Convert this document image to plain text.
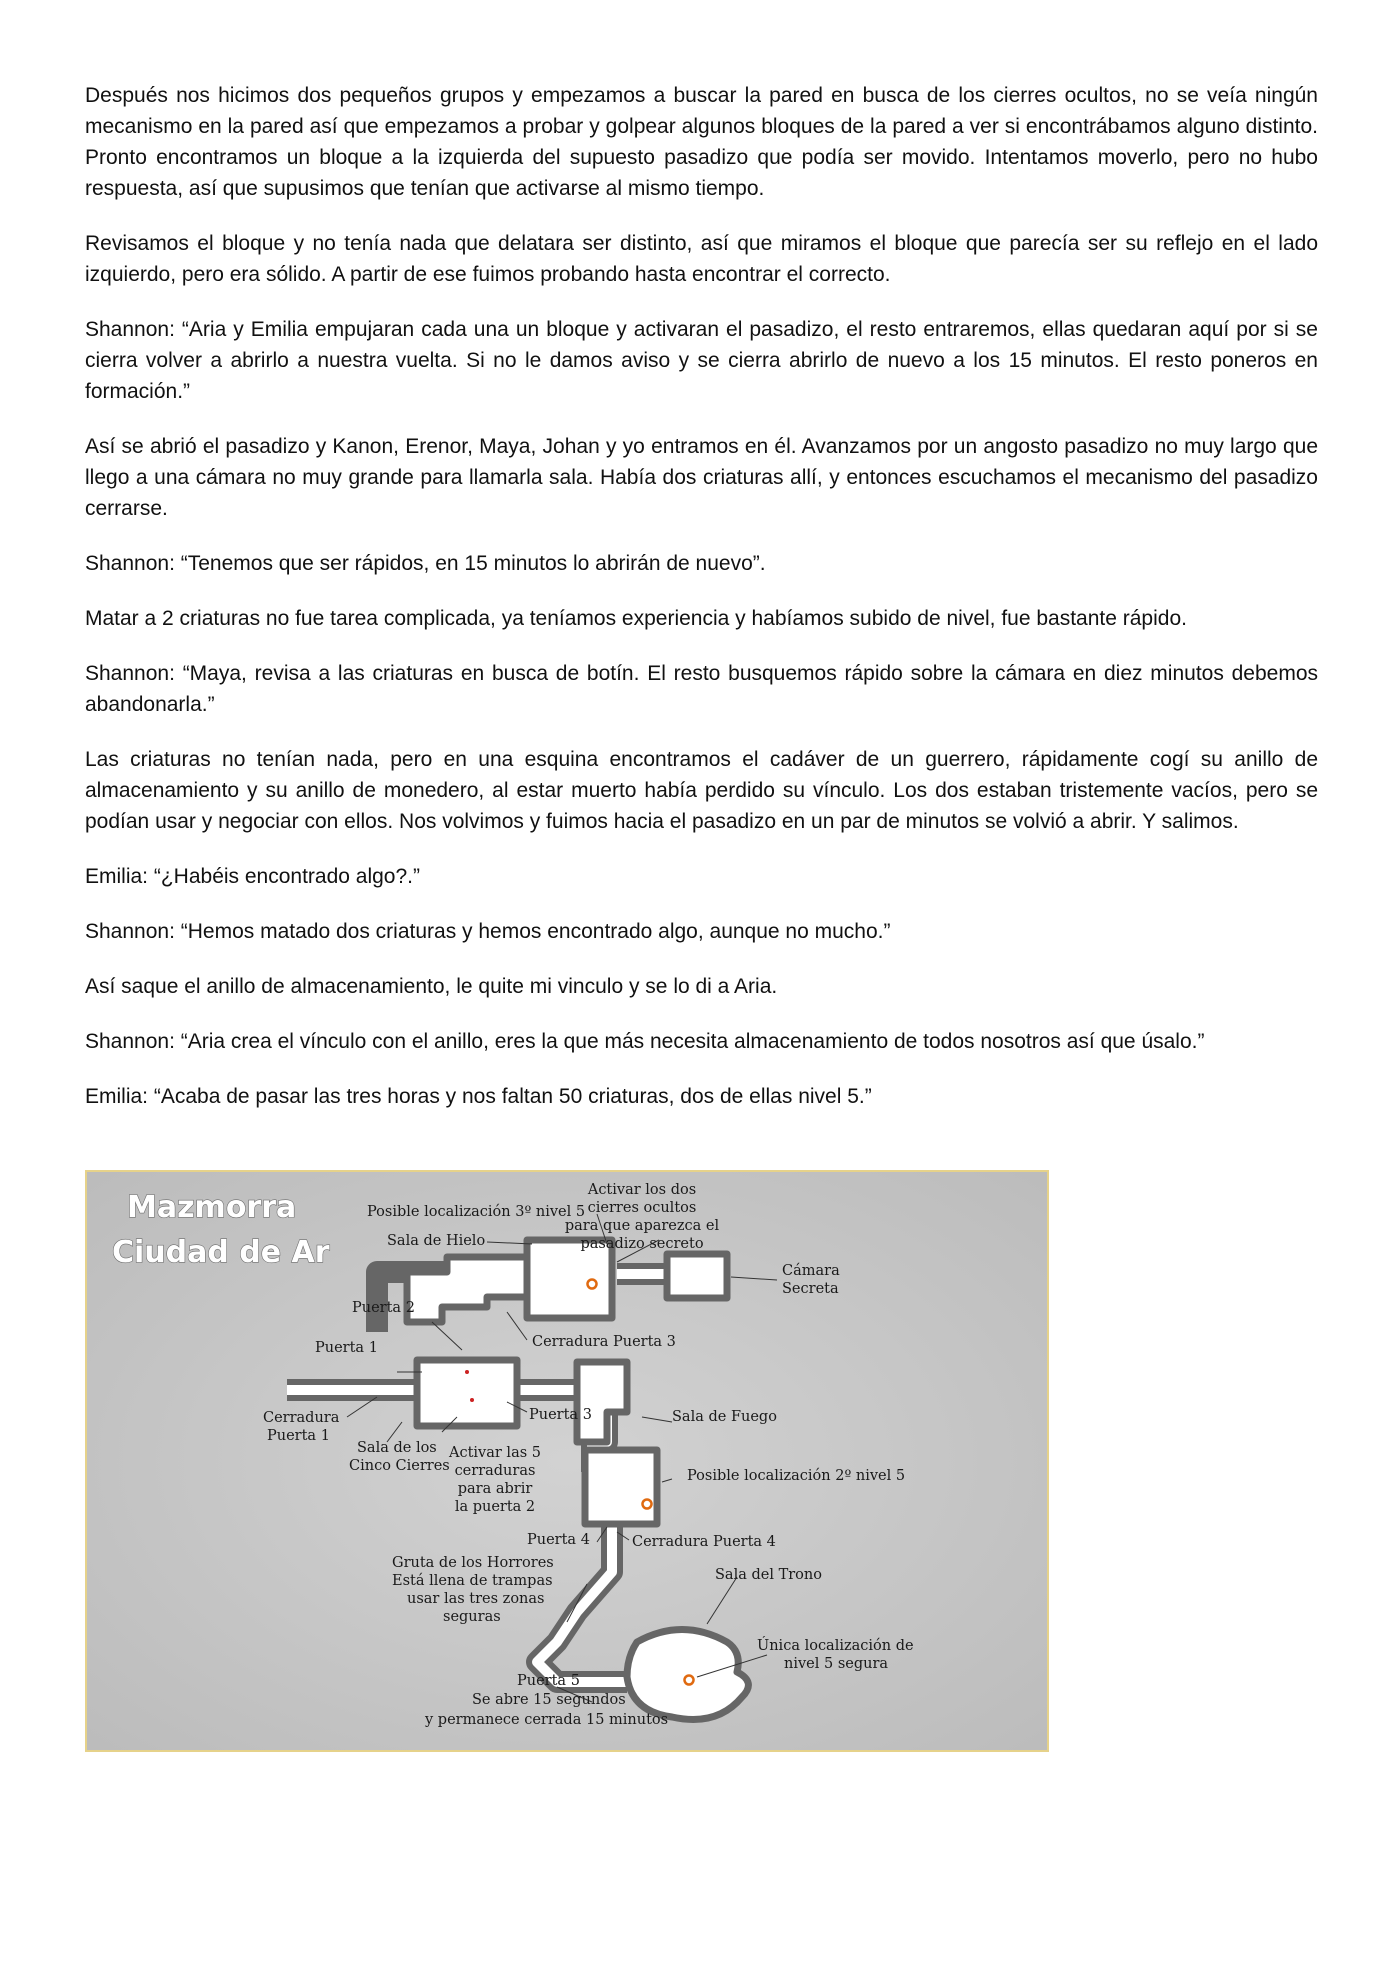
Después nos hicimos dos pequeños grupos y empezamos a buscar la pared en busca de los cierres ocultos, no se veía ningún mecanismo en la pared así que empezamos a probar y golpear algunos bloques de la pared a ver si encontrábamos alguno distinto. Pronto encontramos un bloque a la izquierda del supuesto pasadizo que podía ser movido. Intentamos moverlo, pero no hubo respuesta, así que supusimos que tenían que activarse al mismo tiempo.

Revisamos el bloque y no tenía nada que delatara ser distinto, así que miramos el bloque que parecía ser su reflejo en el lado izquierdo, pero era sólido. A partir de ese fuimos probando hasta encontrar el correcto.

Shannon: “Aria y Emilia empujaran cada una un bloque y activaran el pasadizo, el resto entraremos, ellas quedaran aquí por si se cierra volver a abrirlo a nuestra vuelta. Si no le damos aviso y se cierra abrirlo de nuevo a los 15 minutos. El resto poneros en formación.”

Así se abrió el pasadizo y Kanon, Erenor, Maya, Johan y yo entramos en él. Avanzamos por un angosto pasadizo no muy largo que llego a una cámara no muy grande para llamarla sala. Había dos criaturas allí, y entonces escuchamos el mecanismo del pasadizo cerrarse.

Shannon: “Tenemos que ser rápidos, en 15 minutos lo abrirán de nuevo”.

Matar a 2 criaturas no fue tarea complicada, ya teníamos experiencia y habíamos subido de nivel, fue bastante rápido.

Shannon: “Maya, revisa a las criaturas en busca de botín. El resto busquemos rápido sobre la cámara en diez minutos debemos abandonarla.”

Las criaturas no tenían nada, pero en una esquina encontramos el cadáver de un guerrero, rápidamente cogí su anillo de almacenamiento y su anillo de monedero, al estar muerto había perdido su vínculo. Los dos estaban tristemente vacíos, pero se podían usar y negociar con ellos. Nos volvimos y fuimos hacia el pasadizo en un par de minutos se volvió a abrir. Y salimos.

Emilia: “¿Habéis encontrado algo?.”

Shannon: “Hemos matado dos criaturas y hemos encontrado algo, aunque no mucho.”

Así saque el anillo de almacenamiento, le quite mi vinculo y se lo di a Aria.

Shannon: “Aria crea el vínculo con el anillo, eres la que más necesita almacenamiento de todos nosotros así que úsalo.”

Emilia: “Acaba de pasar las tres horas y nos faltan 50 criaturas, dos de ellas nivel 5.”

Mazmorra
Ciudad de Ar
Posible localización 3º nivel 5
Activar los dos
cierres ocultos
para que aparezca el
pasadizo secreto
Sala de Hielo
Cámara
Secreta
Puerta 2
Cerradura Puerta 3
Puerta 1
Cerradura
Puerta 1
Puerta 3	Sala de Fuego
Sala de los
Cinco Cierres
Activar las 5
cerraduras
para abrir
la puerta 2
Posible localización 2º nivel 5
Puerta 4	Cerradura Puerta 4
Gruta de los Horrores
Está llena de trampas
usar las tres zonas
seguras
Sala del Trono
Única localización de
nivel 5 segura
Puerta 5
Se abre 15 segundos
y permanece cerrada 15 minutos
